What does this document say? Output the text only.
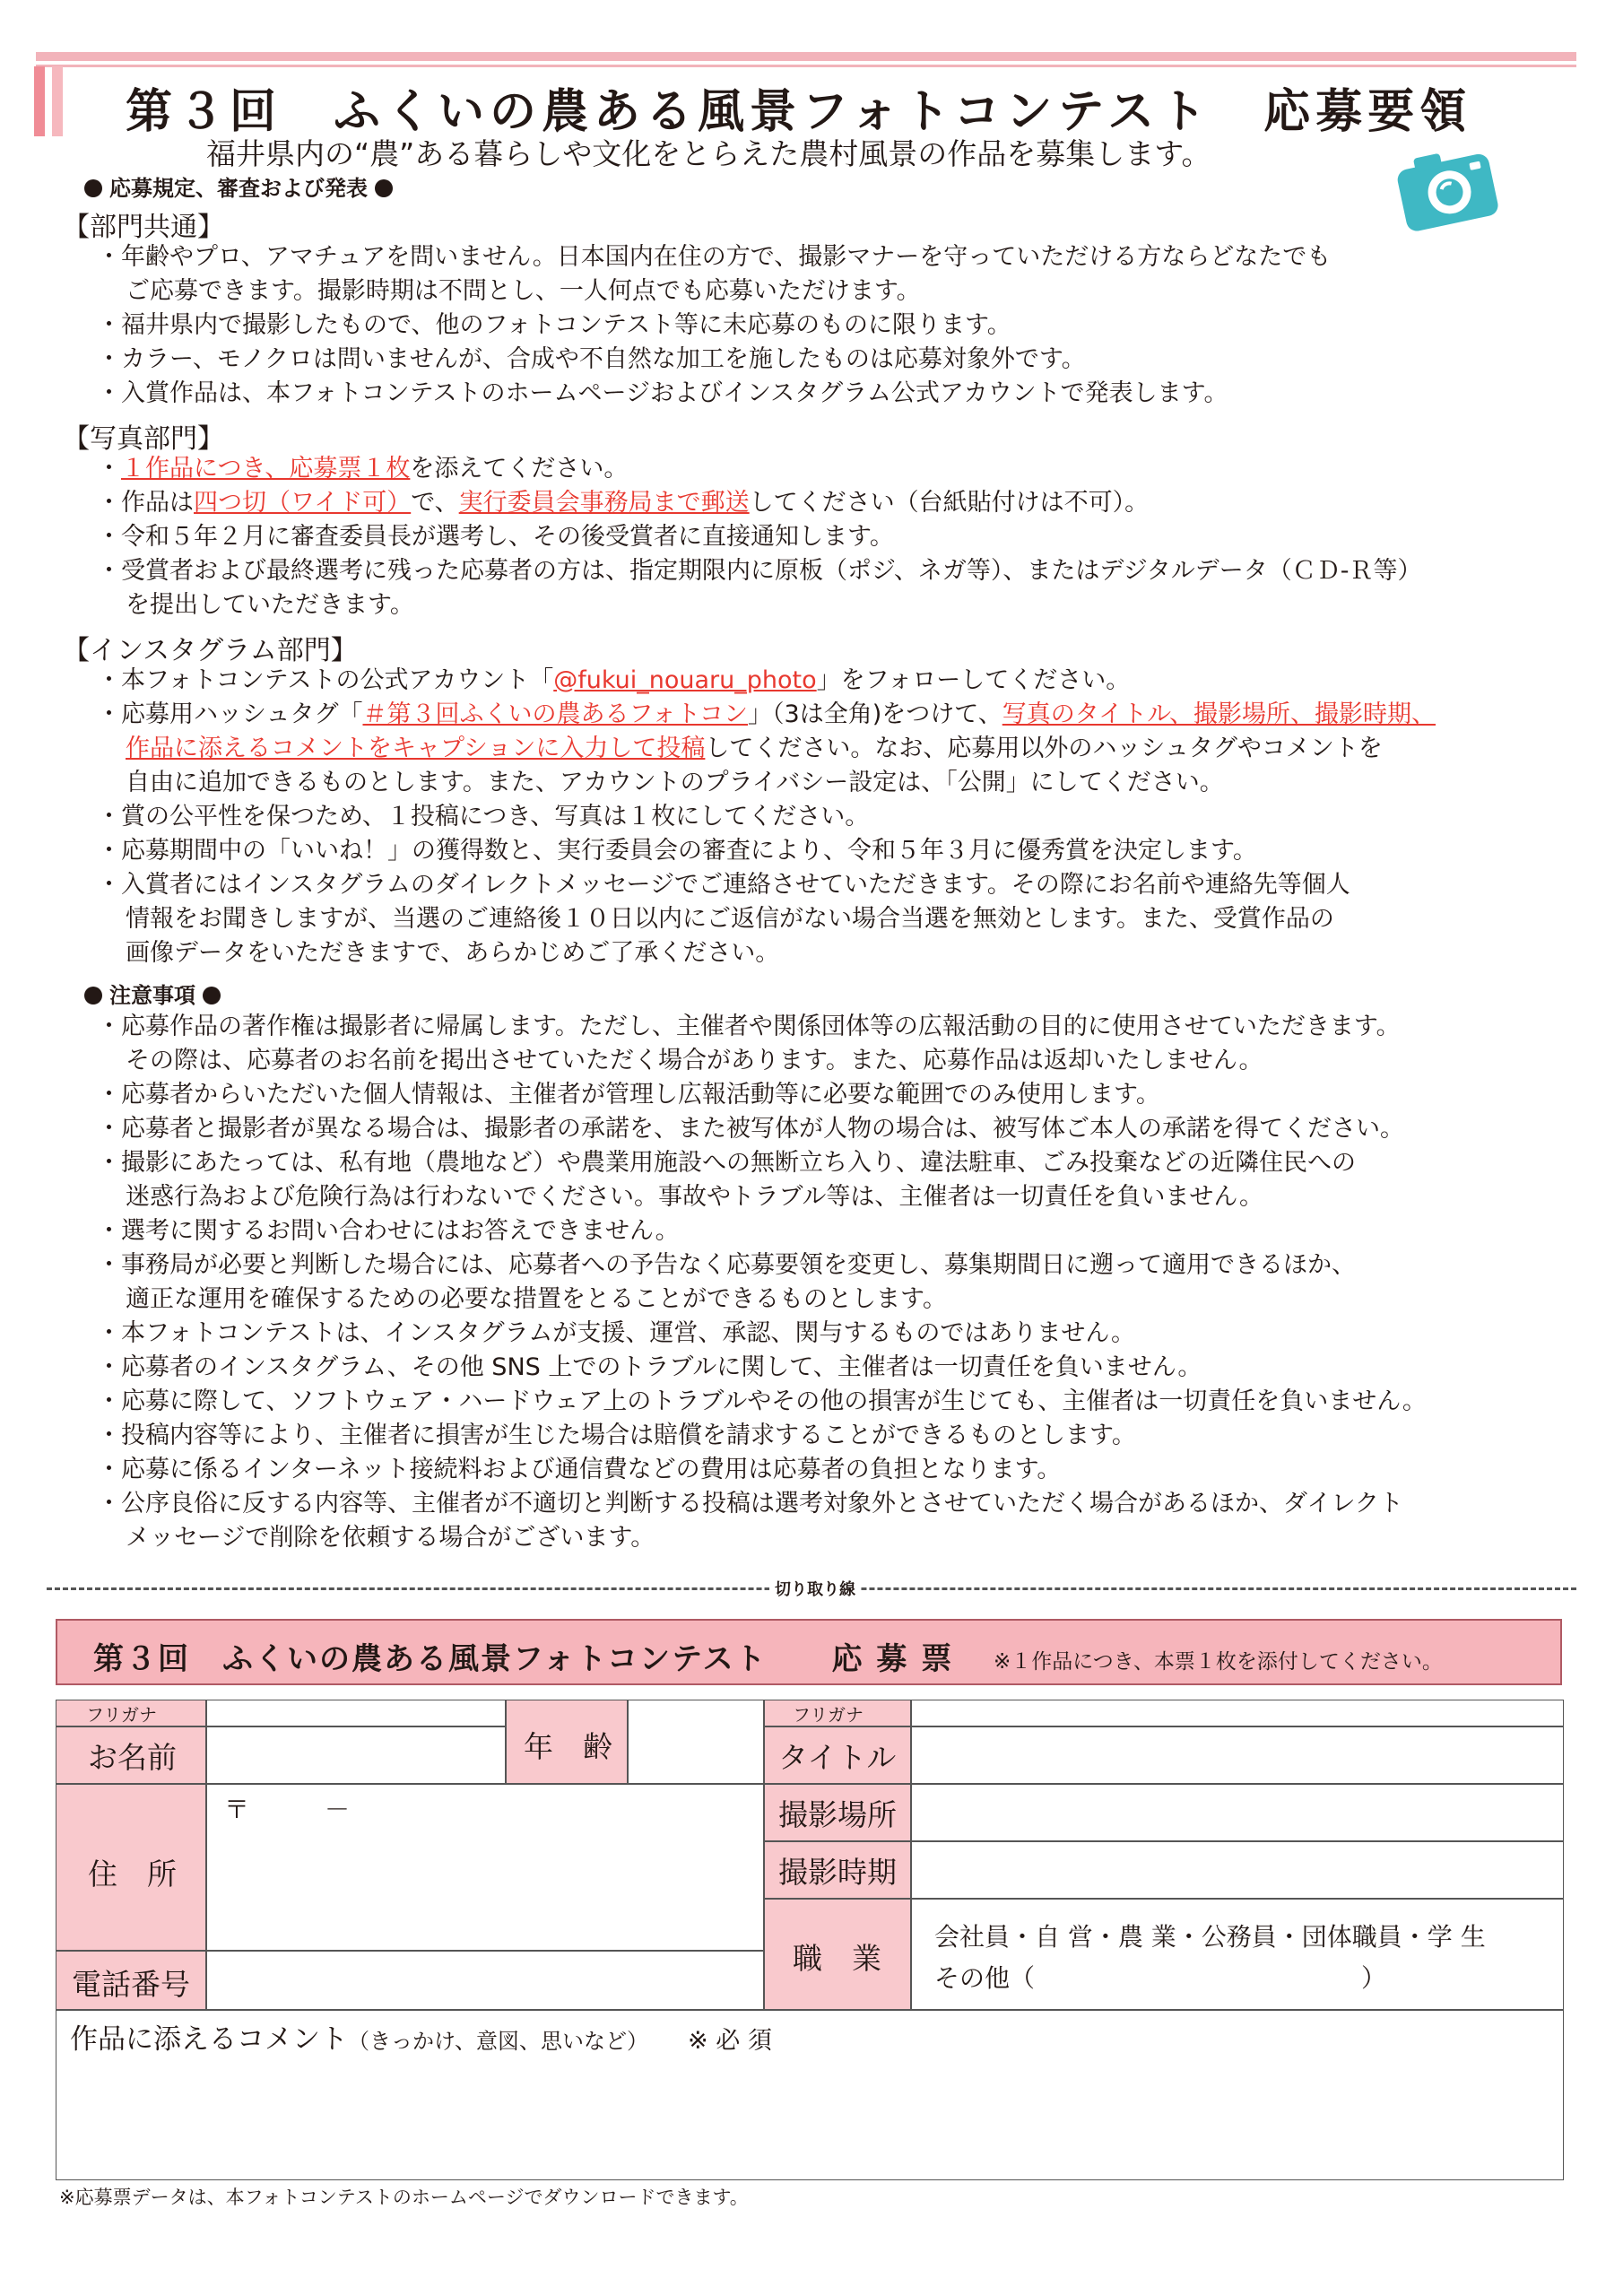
第３回　ふくいの農ある風景フォトコンテスト　応募要領
福井県内の“農”ある暮らしや文化をとらえた農村風景の作品を募集します。
応募規定、審査および発表
【部門共通】
・年齢やプロ、アマチュアを問いません。日本国内在住の方で、撮影マナーを守っていただける方ならどなたでも
ご応募できます。撮影時期は不問とし、一人何点でも応募いただけます。
・福井県内で撮影したもので、他のフォトコンテスト等に未応募のものに限ります。
・カラー、モノクロは問いませんが、合成や不自然な加工を施したものは応募対象外です。
・入賞作品は、本フォトコンテストのホームページおよびインスタグラム公式アカウントで発表します。
【写真部門】
・１作品につき、応募票１枚を添えてください。
・作品は四つ切（ワイド可）で、実行委員会事務局まで郵送してください（台紙貼付けは不可）。
・令和５年２月に審査委員長が選考し、その後受賞者に直接通知します。
・受賞者および最終選考に残った応募者の方は、指定期限内に原板（ポジ、ネガ等）、またはデジタルデータ（ＣＤ-Ｒ等）
を提出していただきます。
【インスタグラム部門】
・本フォトコンテストの公式アカウント「@fukui_nouaru_photo」をフォローしてください。
・応募用ハッシュタグ「＃第３回ふくいの農あるフォトコン」（3は全角)をつけて、写真のタイトル、撮影場所、撮影時期、
作品に添えるコメントをキャプションに入力して投稿してください。なお、応募用以外のハッシュタグやコメントを
自由に追加できるものとします。また、アカウントのプライバシー設定は、「公開」にしてください。
・賞の公平性を保つため、１投稿につき、写真は１枚にしてください。
・応募期間中の「いいね！」の獲得数と、実行委員会の審査により、令和５年３月に優秀賞を決定します。
・入賞者にはインスタグラムのダイレクトメッセージでご連絡させていただきます。その際にお名前や連絡先等個人
情報をお聞きしますが、当選のご連絡後１０日以内にご返信がない場合当選を無効とします。また、受賞作品の
画像データをいただきますで、あらかじめご了承ください。
注意事項
・応募作品の著作権は撮影者に帰属します。ただし、主催者や関係団体等の広報活動の目的に使用させていただきます。
その際は、応募者のお名前を掲出させていただく場合があります。また、応募作品は返却いたしません。
・応募者からいただいた個人情報は、主催者が管理し広報活動等に必要な範囲でのみ使用します。
・応募者と撮影者が異なる場合は、撮影者の承諾を、また被写体が人物の場合は、被写体ご本人の承諾を得てください。
・撮影にあたっては、私有地（農地など）や農業用施設への無断立ち入り、違法駐車、ごみ投棄などの近隣住民への
迷惑行為および危険行為は行わないでください。事故やトラブル等は、主催者は一切責任を負いません。
・選考に関するお問い合わせにはお答えできません。
・事務局が必要と判断した場合には、応募者への予告なく応募要領を変更し、募集期間日に遡って適用できるほか、
適正な運用を確保するための必要な措置をとることができるものとします。
・本フォトコンテストは、インスタグラムが支援、運営、承認、関与するものではありません。
・応募者のインスタグラム、その他 SNS 上でのトラブルに関して、主催者は一切責任を負いません。
・応募に際して、ソフトウェア・ハードウェア上のトラブルやその他の損害が生じても、主催者は一切責任を負いません。
・投稿内容等により、主催者に損害が生じた場合は賠償を請求することができるものとします。
・応募に係るインターネット接続料および通信費などの費用は応募者の負担となります。
・公序良俗に反する内容等、主催者が不適切と判断する投稿は選考対象外とさせていただく場合があるほか、ダイレクト
メッセージで削除を依頼する場合がございます。
切り取り線
第３回　ふくいの農ある風景フォトコンテスト　　応 募 票 ※１作品につき、本票１枚を添付してください。
フリガナ
お名前	年　齢
住　所
〒　　　－
電話番号
フリガナ
タイトル
撮影場所
撮影時期
職　業
会社員・自 営・農 業・公務員・団体職員・学 生
その他（　　　　　　　　　　　　　）
作品に添えるコメント（きっかけ、意図、思いなど） ※ 必 須
※応募票データは、本フォトコンテストのホームページでダウンロードできます。
